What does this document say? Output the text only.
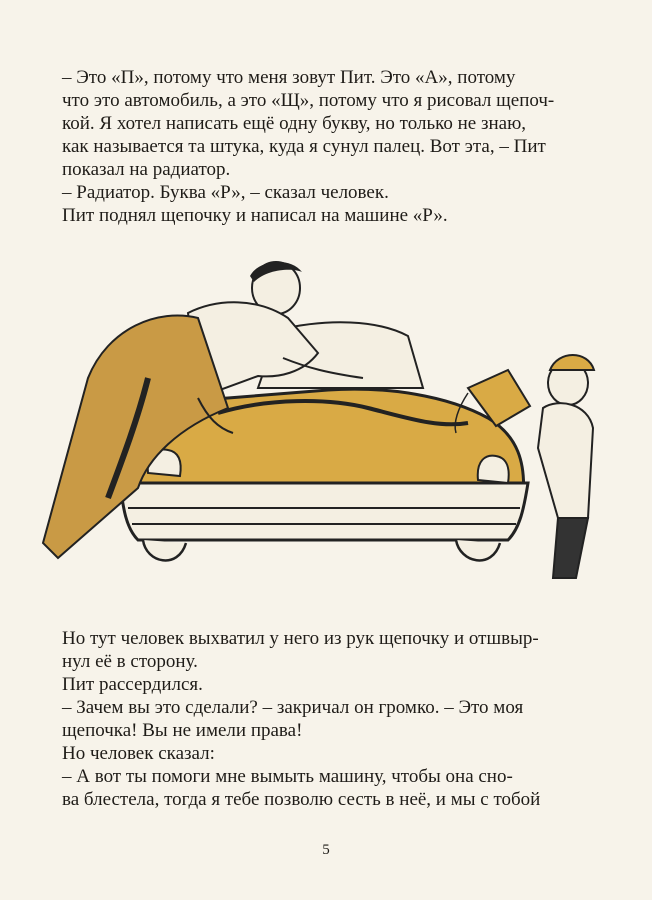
– Это «П», потому что меня зовут Пит. Это «А», потому
что это автомобиль, а это «Щ», потому что я рисовал щепоч-
кой. Я хотел написать ещё одну букву, но только не знаю,
как называется та штука, куда я сунул палец. Вот эта, – Пит
показал на радиатор.
– Радиатор. Буква «Р», – сказал человек.
Пит поднял щепочку и написал на машине «Р».
Но тут человек выхватил у него из рук щепочку и отшвыр-
нул её в сторону.
Пит рассердился.
– Зачем вы это сделали? – закричал он громко. – Это моя
щепочка! Вы не имели права!
Но человек сказал:
– А вот ты помоги мне вымыть машину, чтобы она сно-
ва блестела, тогда я тебе позволю сесть в неё, и мы с тобой
5
